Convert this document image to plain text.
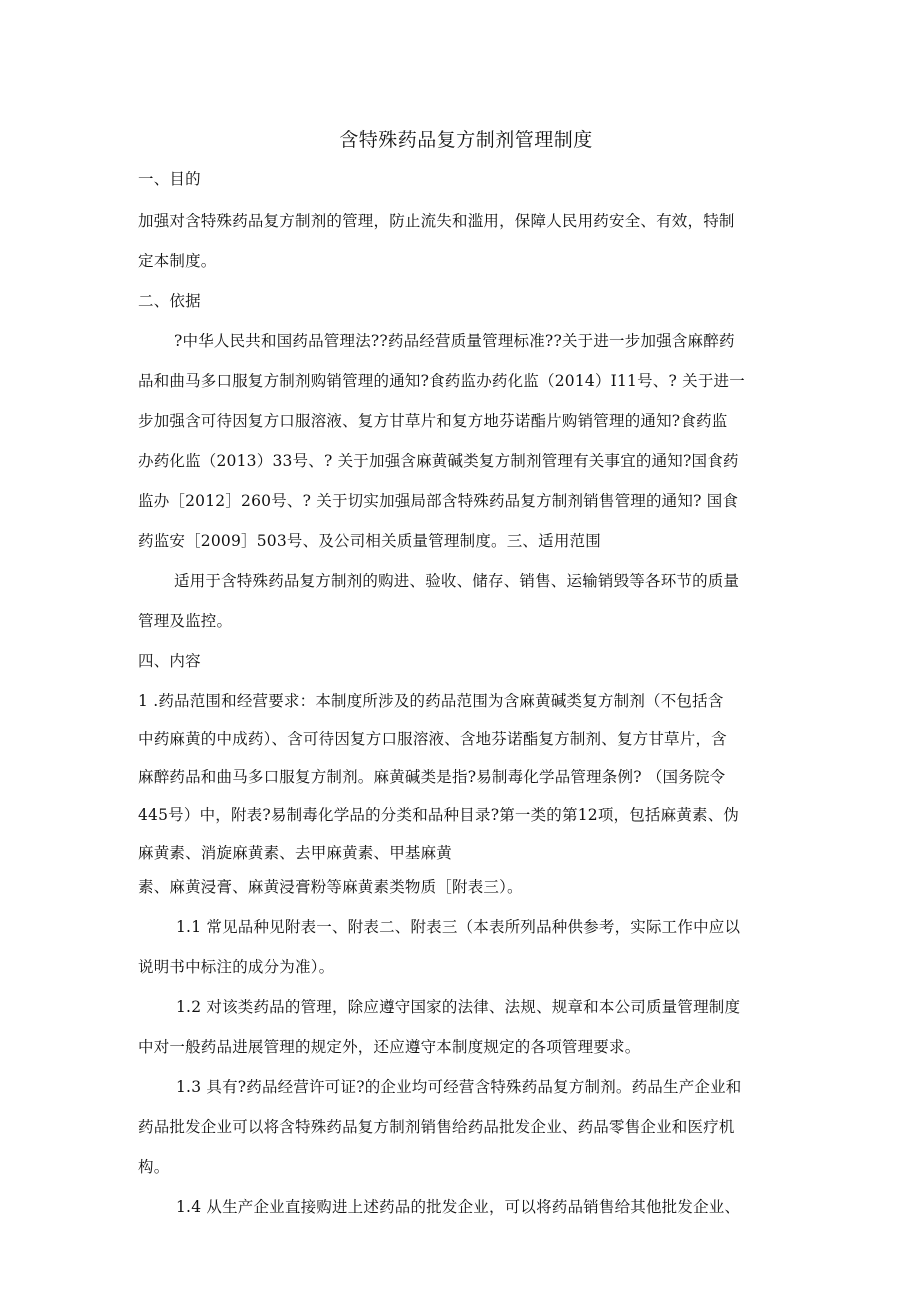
含特殊药品复方制剂管理制度
一、目的
加强对含特殊药品复方制剂的管理，防止流失和滥用，保障人民用药安全、有效，特制
定本制度。
二、依据
?中华人民共和国药品管理法??药品经营质量管理标准??关于进一步加强含麻醉药
品和曲马多口服复方制剂购销管理的通知?食药监办药化监（2014）I11号、? 关于进一
步加强含可待因复方口服溶液、复方甘草片和复方地芬诺酯片购销管理的通知?食药监
办药化监（2013）33号、? 关于加强含麻黄碱类复方制剂管理有关事宜的通知?国食药
监办［2012］260号、? 关于切实加强局部含特殊药品复方制剂销售管理的通知? 国食
药监安［2009］503号、及公司相关质量管理制度。三、适用范围
适用于含特殊药品复方制剂的购进、验收、储存、销售、运输销毁等各环节的质量
管理及监控。
四、内容
1 .药品范围和经营要求：本制度所涉及的药品范围为含麻黄碱类复方制剂（不包括含
中药麻黄的中成药）、含可待因复方口服溶液、含地芬诺酯复方制剂、复方甘草片，含
麻醉药品和曲马多口服复方制剂。麻黄碱类是指?易制毒化学品管理条例? （国务院令
445号）中，附表?易制毒化学品的分类和品种目录?第一类的第12项，包括麻黄素、伪
麻黄素、消旋麻黄素、去甲麻黄素、甲基麻黄
素、麻黄浸膏、麻黄浸膏粉等麻黄素类物质［附表三）。
1.1 常见品种见附表一、附表二、附表三（本表所列品种供参考，实际工作中应以
说明书中标注的成分为准）。
1.2 对该类药品的管理，除应遵守国家的法律、法规、规章和本公司质量管理制度
中对一般药品进展管理的规定外，还应遵守本制度规定的各项管理要求。
1.3 具有?药品经营许可证?的企业均可经营含特殊药品复方制剂。药品生产企业和
药品批发企业可以将含特殊药品复方制剂销售给药品批发企业、药品零售企业和医疗机
构。
1.4 从生产企业直接购进上述药品的批发企业，可以将药品销售给其他批发企业、
